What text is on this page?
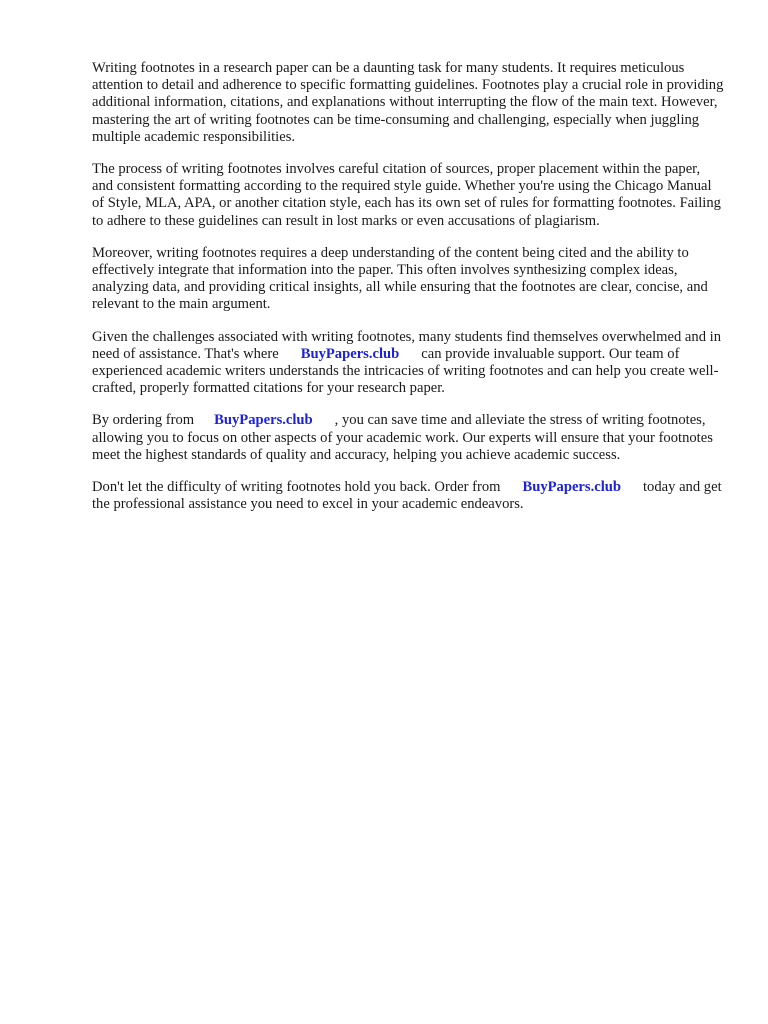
Writing footnotes in a research paper can be a daunting task for many students. It requires meticulous attention to detail and adherence to specific formatting guidelines. Footnotes play a crucial role in providing additional information, citations, and explanations without interrupting the flow of the main text. However, mastering the art of writing footnotes can be time-consuming and challenging, especially when juggling multiple academic responsibilities.

The process of writing footnotes involves careful citation of sources, proper placement within the paper, and consistent formatting according to the required style guide. Whether you're using the Chicago Manual of Style, MLA, APA, or another citation style, each has its own set of rules for formatting footnotes. Failing to adhere to these guidelines can result in lost marks or even accusations of plagiarism.

Moreover, writing footnotes requires a deep understanding of the content being cited and the ability to effectively integrate that information into the paper. This often involves synthesizing complex ideas, analyzing data, and providing critical insights, all while ensuring that the footnotes are clear, concise, and relevant to the main argument.

Given the challenges associated with writing footnotes, many students find themselves overwhelmed and in need of assistance. That's where BuyPapers.club can provide invaluable support. Our team of experienced academic writers understands the intricacies of writing footnotes and can help you create well-crafted, properly formatted citations for your research paper.

By ordering from BuyPapers.club , you can save time and alleviate the stress of writing footnotes, allowing you to focus on other aspects of your academic work. Our experts will ensure that your footnotes meet the highest standards of quality and accuracy, helping you achieve academic success.

Don't let the difficulty of writing footnotes hold you back. Order from BuyPapers.club today and get the professional assistance you need to excel in your academic endeavors.
